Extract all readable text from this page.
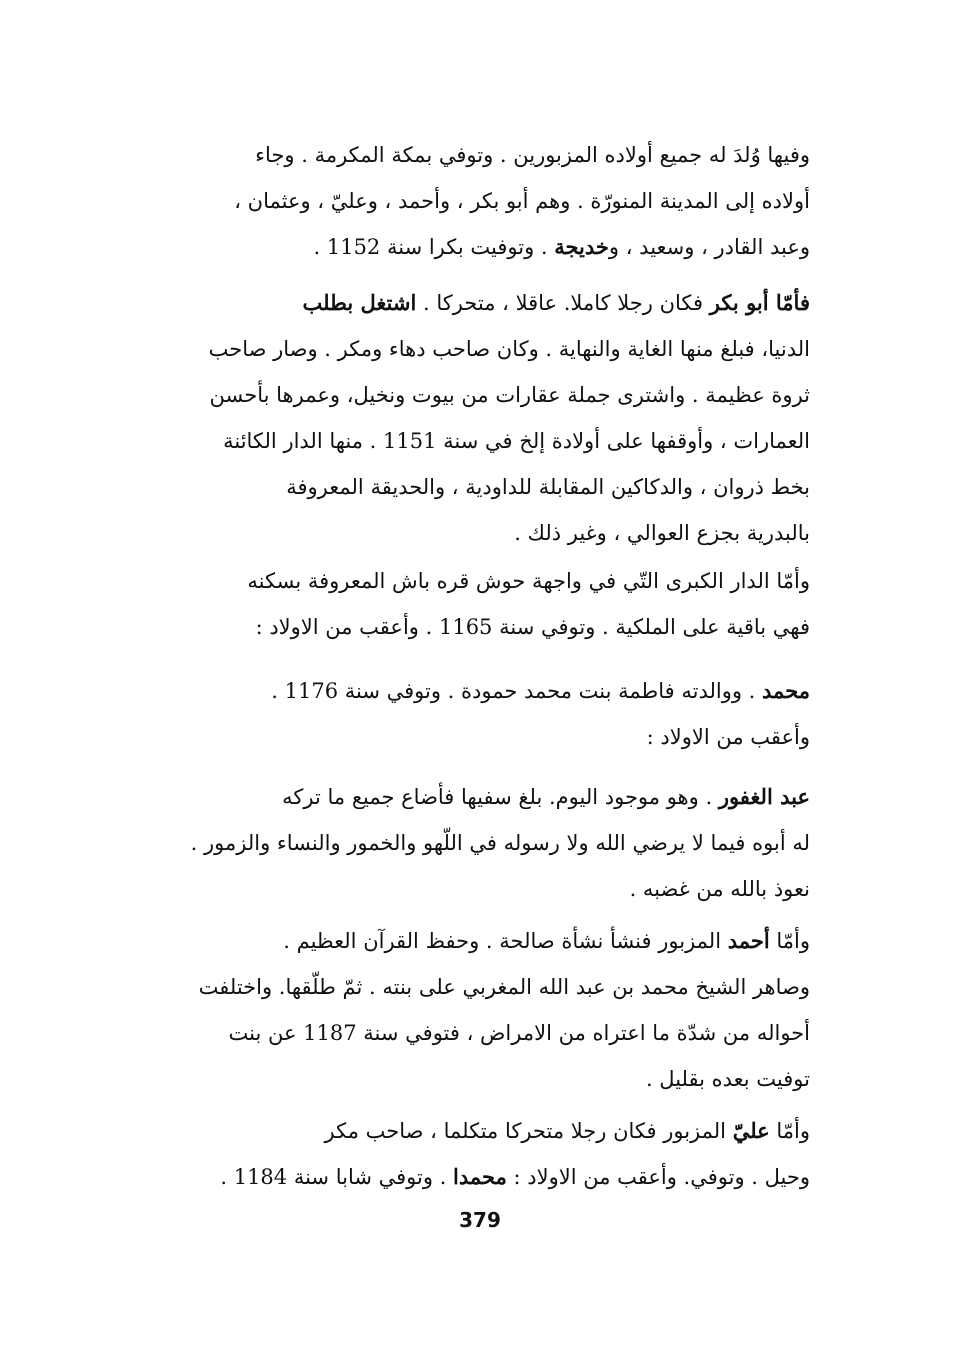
وفيها وُلدَ له جميع أولاده المزبورين . وتوفي بمكة المكرمة . وجاء
أولاده إلى المدينة المنورّة . وهم أبو بكر ، وأحمد ، وعليّ ، وعثمان ،
وعبد القادر ، وسعيد ، وخديجة . وتوفيت بكرا سنة 1152 .
فأمّا أبو بكر فكان رجلا كاملا. عاقلا ، متحركا . اشتغل بطلب
الدنيا، فبلغ منها الغاية والنهاية . وكان صاحب دهاء ومكر . وصار صاحب
ثروة عظيمة . واشترى جملة عقارات من بيوت ونخيل، وعمرها بأحسن
العمارات ، وأوقفها على أولادة إلخ في سنة 1151 . منها الدار الكائنة
بخط ذروان ، والدكاكين المقابلة للداودية ، والحديقة المعروفة
بالبدرية بجزع العوالي ، وغير ذلك .
وأمّا الدار الكبرى التّي في واجهة حوش قره باش المعروفة بسكنه
فهي باقية على الملكية . وتوفي سنة 1165 . وأعقب من الاولاد :
محمد . ووالدته فاطمة بنت محمد حمودة . وتوفي سنة 1176 .
وأعقب من الاولاد :
عبد الغفور . وهو موجود اليوم. بلغ سفيها فأضاع جميع ما تركه
له أبوه فيما لا يرضي الله ولا رسوله في اللّهو والخمور والنساء والزمور .
نعوذ بالله من غضبه .
وأمّا أحمد المزبور فنشأ نشأة صالحة . وحفظ القرآن العظيم .
وصاهر الشيخ محمد بن عبد الله المغربي على بنته . ثمّ طلّقها. واختلفت
أحواله من شدّة ما اعتراه من الامراض ، فتوفي سنة 1187 عن بنت
توفيت بعده بقليل .
وأمّا عليّ المزبور فكان رجلا متحركا متكلما ، صاحب مكر
وحيل . وتوفي. وأعقب من الاولاد : محمدا . وتوفي شابا سنة 1184 .
379
